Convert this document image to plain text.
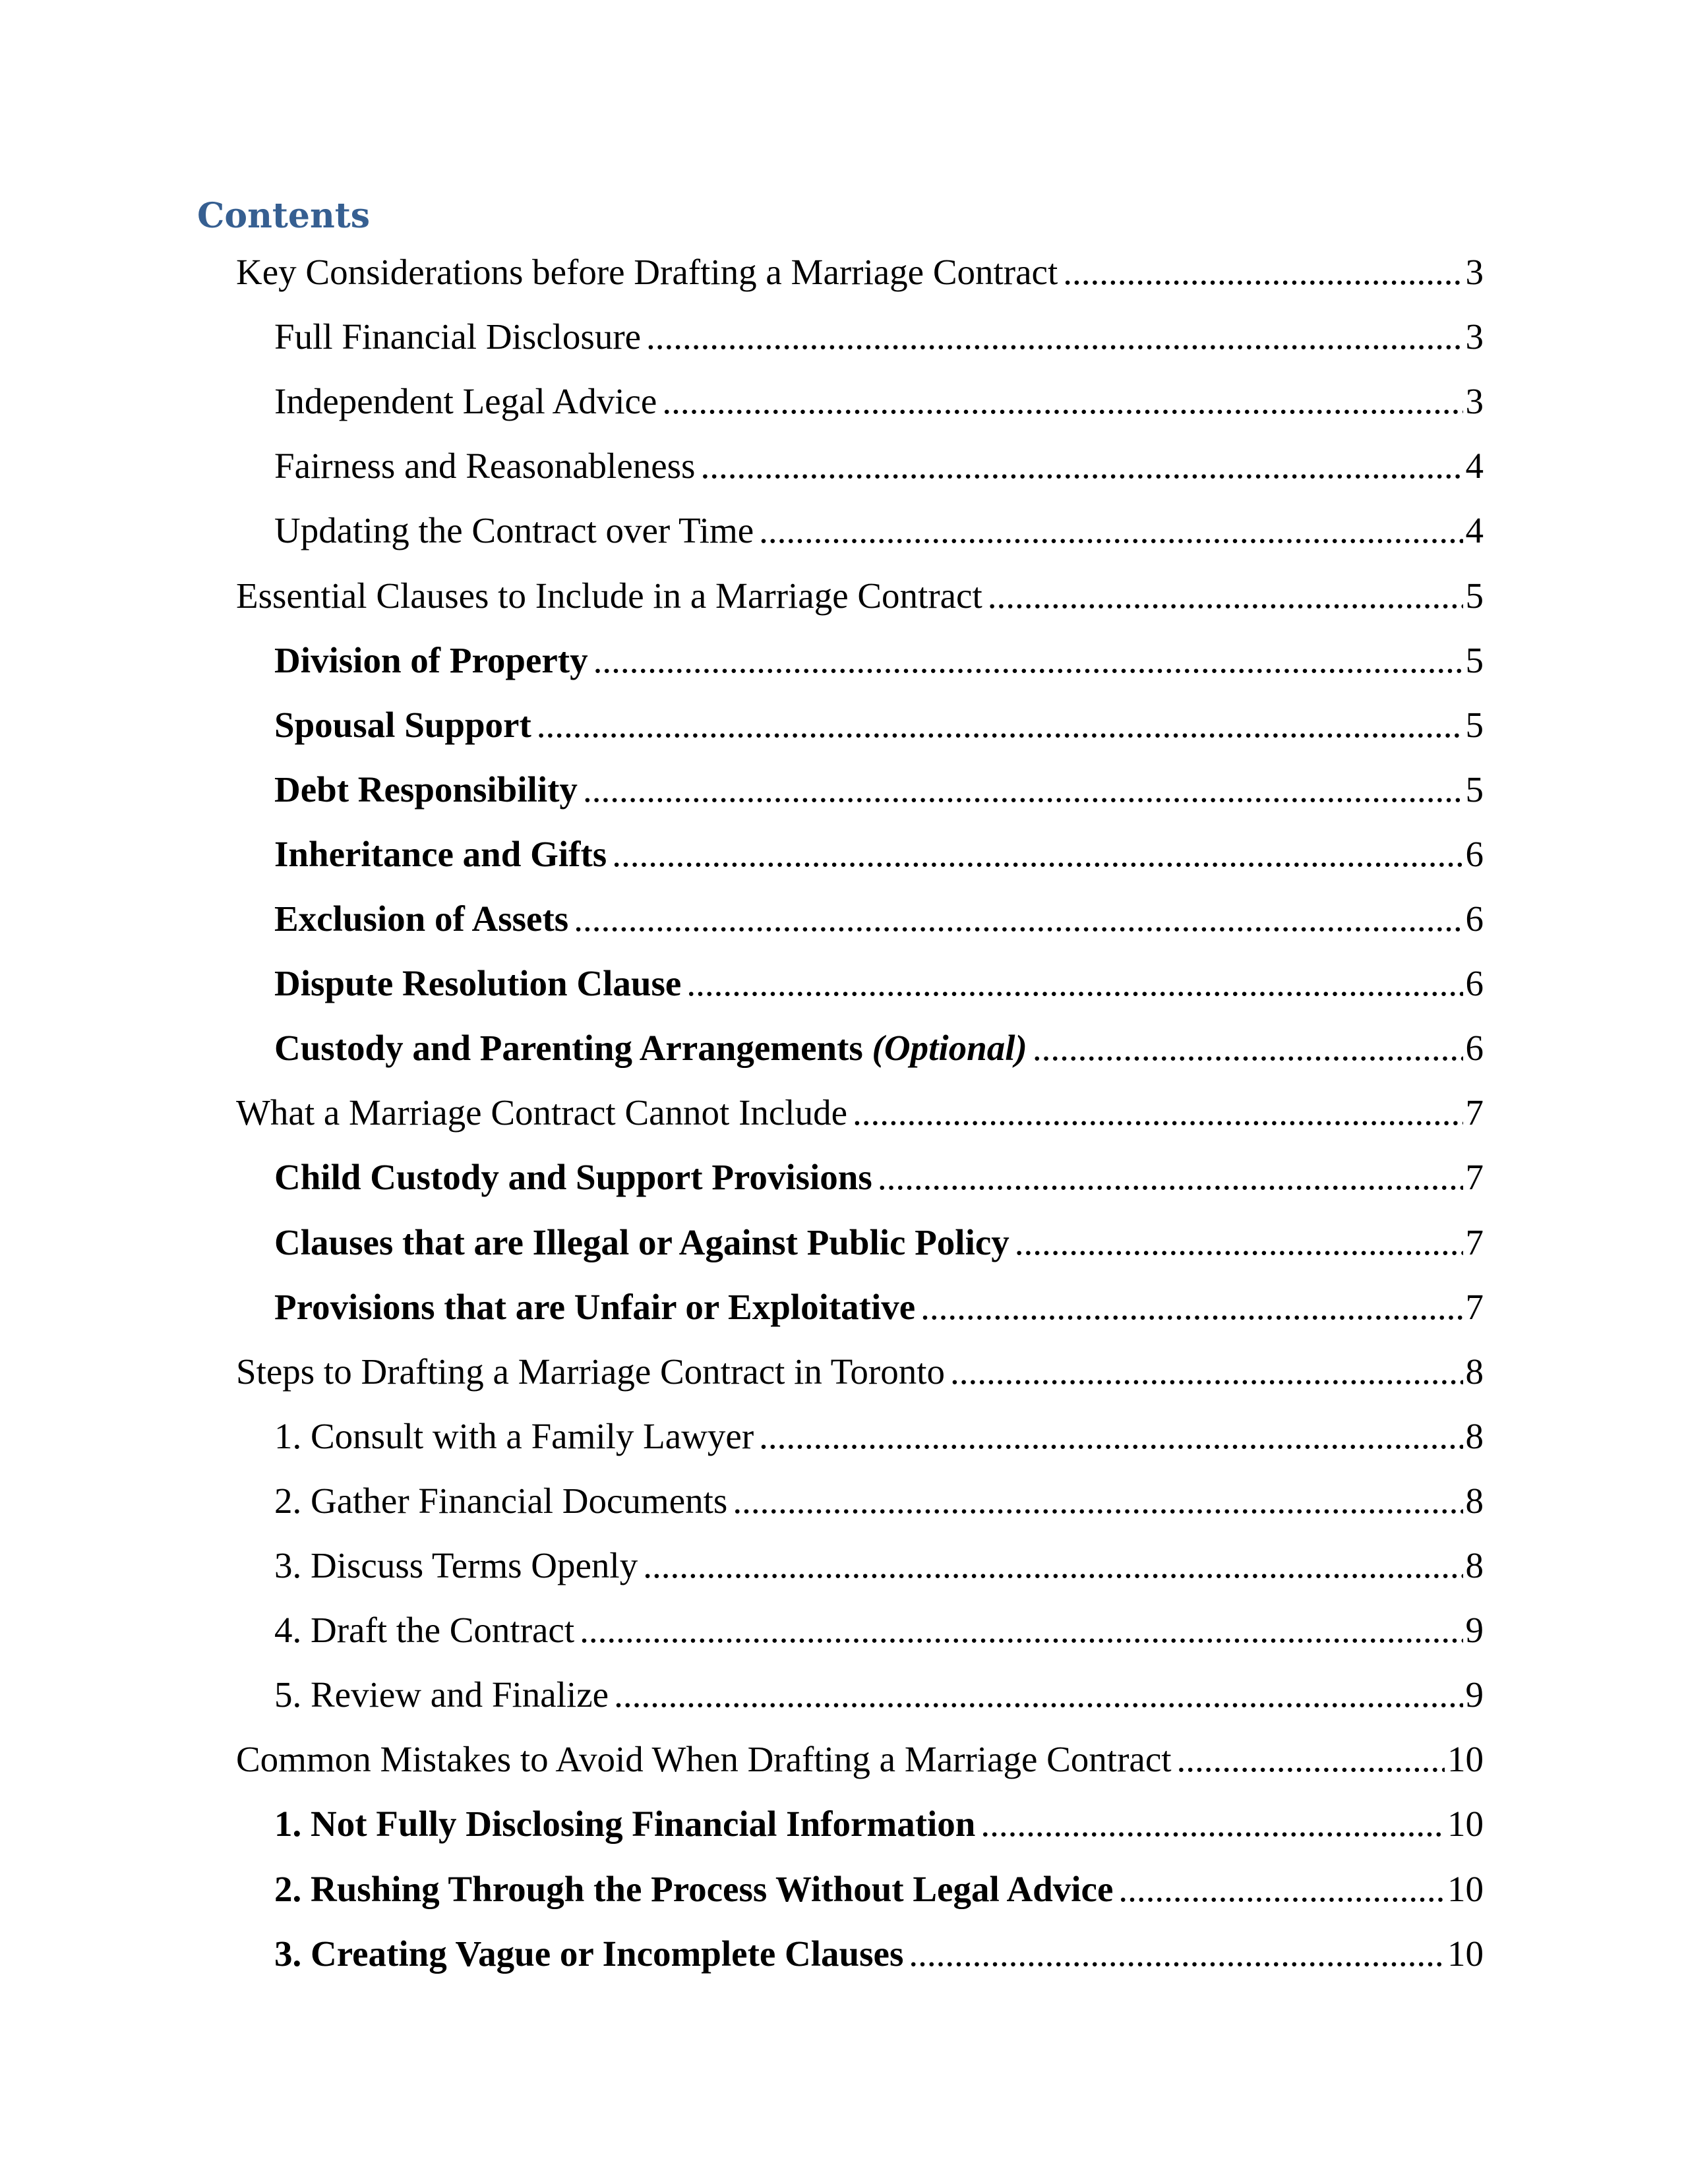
Contents
Key Considerations before Drafting a Marriage Contract .....	3
Full Financial Disclosure .....	3
Independent Legal Advice .....	3
Fairness and Reasonableness .....	4
Updating the Contract over Time .....	4
Essential Clauses to Include in a Marriage Contract .....	5
Division of Property .....	5
Spousal Support .....	5
Debt Responsibility .....	5
Inheritance and Gifts .....	6
Exclusion of Assets .....	6
Dispute Resolution Clause .....	6
Custody and Parenting Arrangements (Optional) .....	6
What a Marriage Contract Cannot Include .....	7
Child Custody and Support Provisions .....	7
Clauses that are Illegal or Against Public Policy .....	7
Provisions that are Unfair or Exploitative .....	7
Steps to Drafting a Marriage Contract in Toronto .....	8
1. Consult with a Family Lawyer .....	8
2. Gather Financial Documents .....	8
3. Discuss Terms Openly .....	8
4. Draft the Contract .....	9
5. Review and Finalize .....	9
Common Mistakes to Avoid When Drafting a Marriage Contract .....	10
1. Not Fully Disclosing Financial Information .....	10
2. Rushing Through the Process Without Legal Advice .....	10
3. Creating Vague or Incomplete Clauses .....	10
